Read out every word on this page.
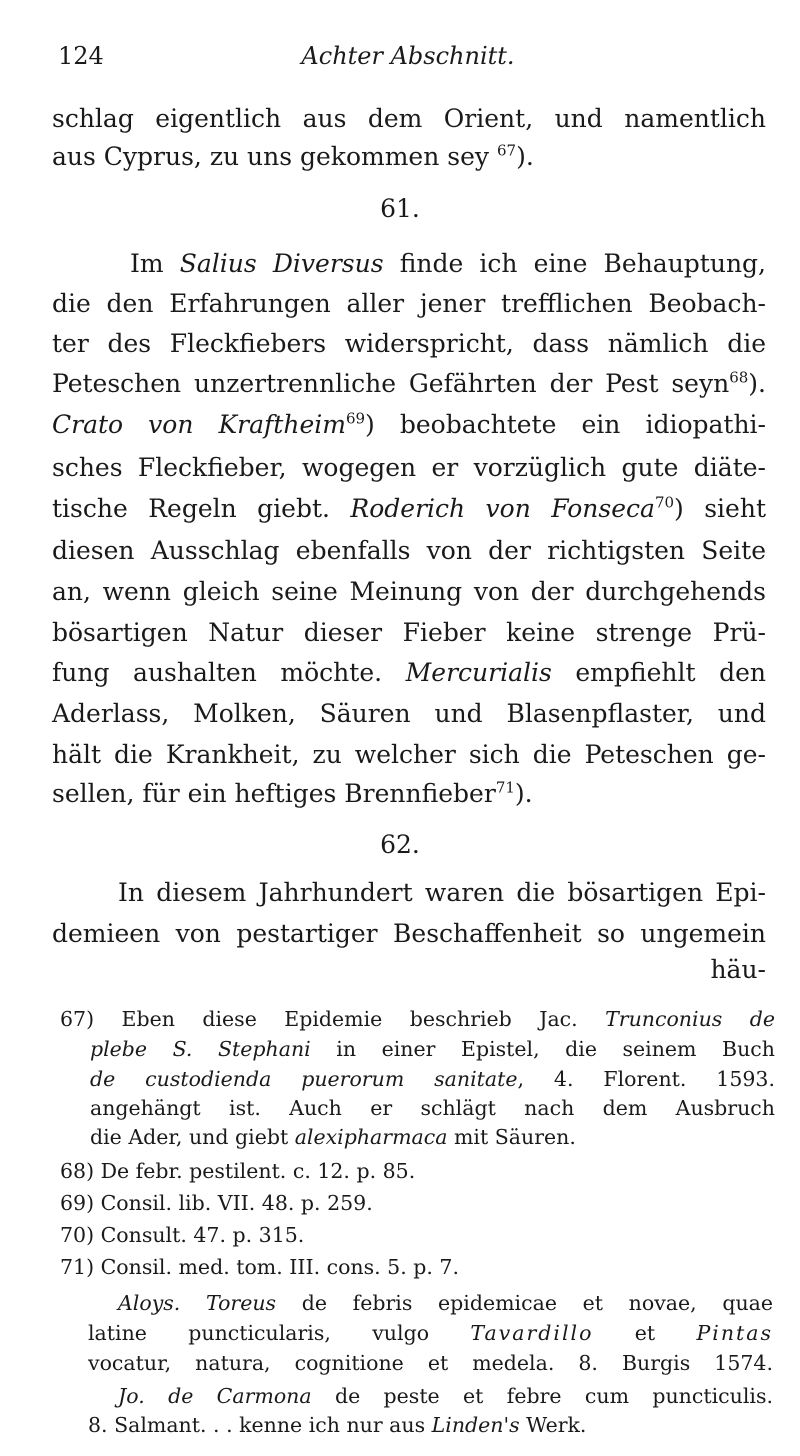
124	Achter Abschnitt.
schlag eigentlich aus dem Orient, und namentlich
aus Cyprus, zu uns gekommen sey $^{67}$).
61.
Im Salius Diversus finde ich eine Behauptung,
die den Erfahrungen aller jener trefflichen Beobach-
ter des Fleckfiebers widerspricht, dass nämlich die
Peteschen unzertrennliche Gefährten der Pest seyn$^{68}$).
Crato von Kraftheim$^{69}$) beobachtete ein idiopathi-
sches Fleckfieber, wogegen er vorzüglich gute diäte-
tische Regeln giebt. Roderich von Fonseca$^{70}$) sieht
diesen Ausschlag ebenfalls von der richtigsten Seite
an, wenn gleich seine Meinung von der durchgehends
bösartigen Natur dieser Fieber keine strenge Prü-
fung aushalten möchte. Mercurialis empfiehlt den
Aderlass, Molken, Säuren und Blasenpflaster, und
hält die Krankheit, zu welcher sich die Peteschen ge-
sellen, für ein heftiges Brennfieber$^{71}$).
62.
In diesem Jahrhundert waren die bösartigen Epi-
demieen von pestartiger Beschaffenheit so ungemein
häu-
67) Eben diese Epidemie beschrieb Jac. Trunconius de
plebe S. Stephani in einer Epistel, die seinem Buch
de custodienda puerorum sanitate, 4. Florent. 1593.
angehängt ist. Auch er schlägt nach dem Ausbruch
die Ader, und giebt alexipharmaca mit Säuren.
68) De febr. pestilent. c. 12. p. 85.
69) Consil. lib. VII. 48. p. 259.
70) Consult. 47. p. 315.
71) Consil. med. tom. III. cons. 5. p. 7.
Aloys. Toreus de febris epidemicae et novae, quae
latine puncticularis, vulgo Tavardillo et Pintas
vocatur, natura, cognitione et medela. 8. Burgis 1574.
Jo. de Carmona de peste et febre cum puncticulis.
8. Salmant. . . kenne ich nur aus Linden's Werk.
